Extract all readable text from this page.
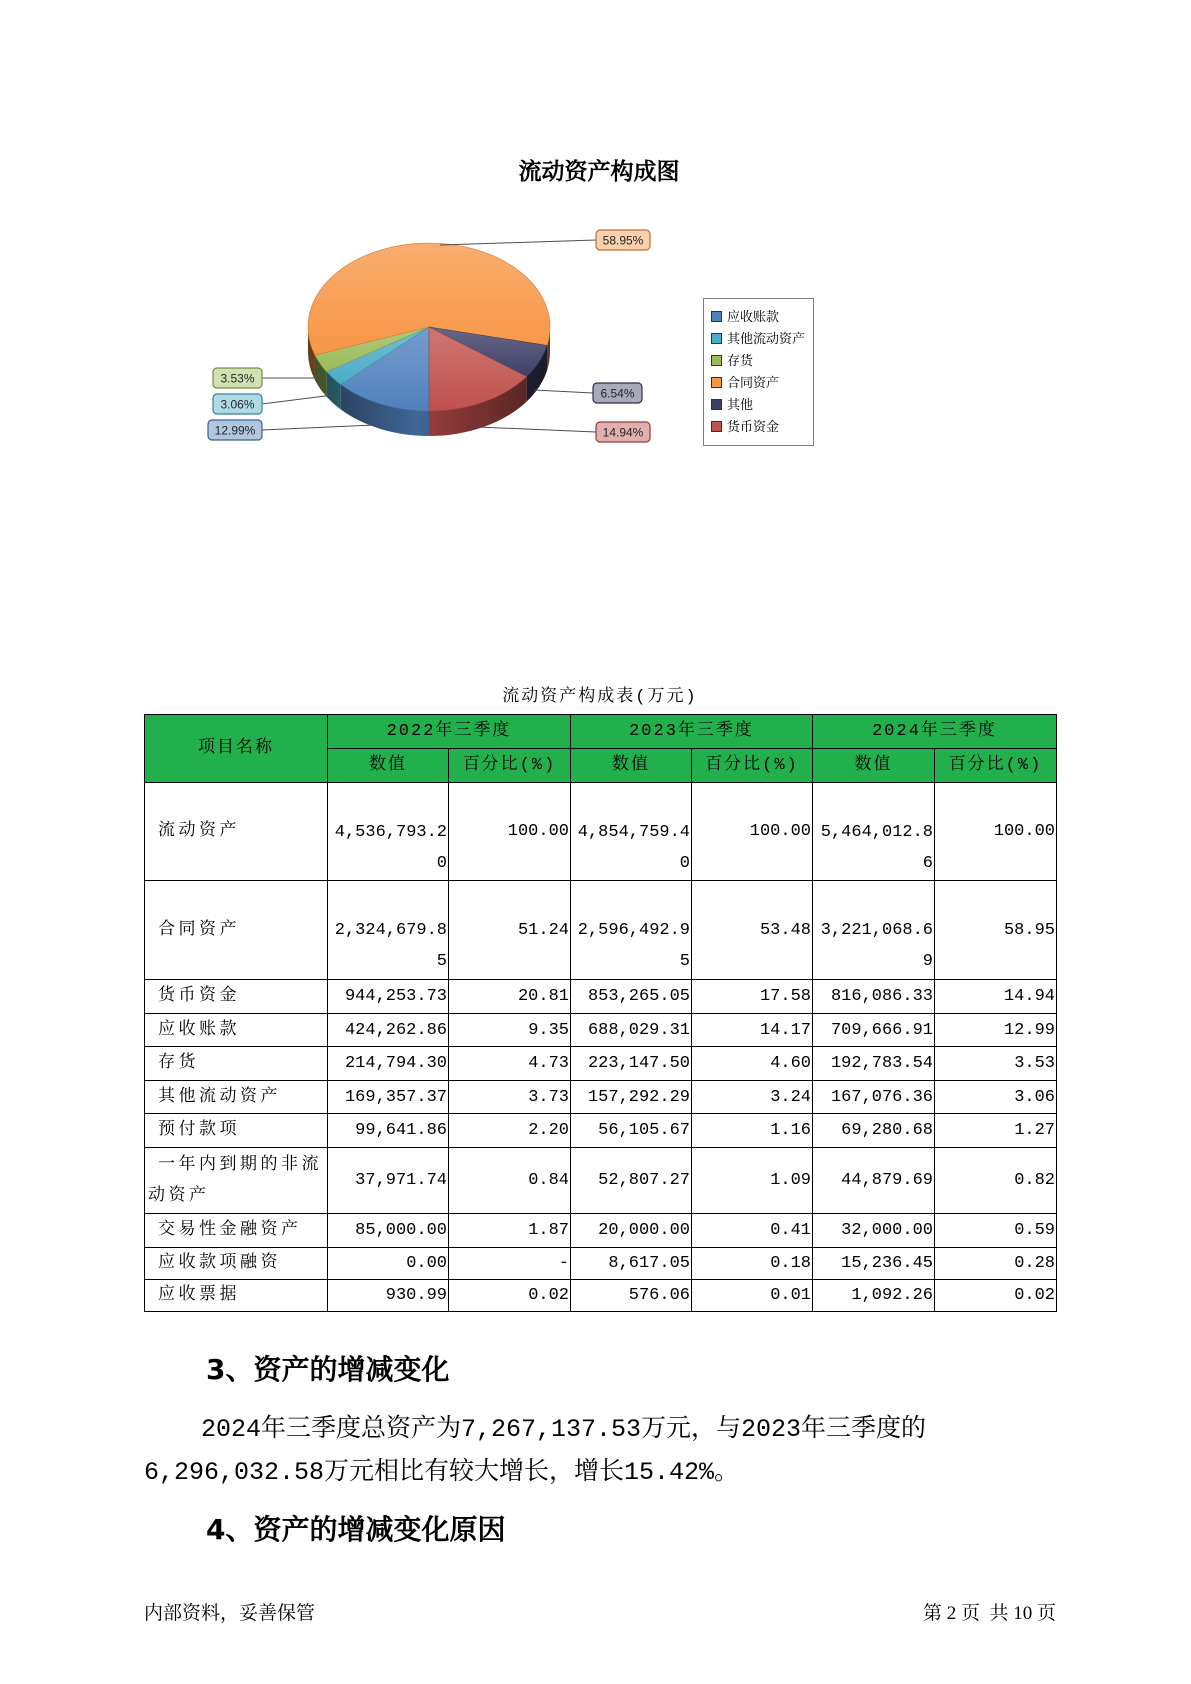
流动资产构成图
12.99%
3.06%
3.53%
58.95%
6.54%
14.94%
应收账款
其他流动资产
存货
合同资产
其他
货币资金
流动资产构成表(万元)
项目名称	2022年三季度		2023年三季度		2024年三季度	
	数值	百分比(%)	数值	百分比(%)	数值	百分比(%)
流动资产	4,536,793.20	100.00	4,854,759.40	100.00	5,464,012.86	100.00
合同资产	2,324,679.85	51.24	2,596,492.95	53.48	3,221,068.69	58.95
货币资金	944,253.73	20.81	853,265.05	17.58	816,086.33	14.94
应收账款	424,262.86	9.35	688,029.31	14.17	709,666.91	12.99
存货	214,794.30	4.73	223,147.50	4.60	192,783.54	3.53
其他流动资产	169,357.37	3.73	157,292.29	3.24	167,076.36	3.06
预付款项	99,641.86	2.20	56,105.67	1.16	69,280.68	1.27
一年内到期的非流动资产	37,971.74	0.84	52,807.27	1.09	44,879.69	0.82
交易性金融资产	85,000.00	1.87	20,000.00	0.41	32,000.00	0.59
应收款项融资	0.00	-	8,617.05	0.18	15,236.45	0.28
应收票据	930.99	0.02	576.06	0.01	1,092.26	0.02
3、资产的增减变化

2024年三季度总资产为7,267,137.53万元，与2023年三季度的6,296,032.58万元相比有较大增长，增长15.42%。

4、资产的增减变化原因
内部资料，妥善保管	第 2 页  共 10 页
